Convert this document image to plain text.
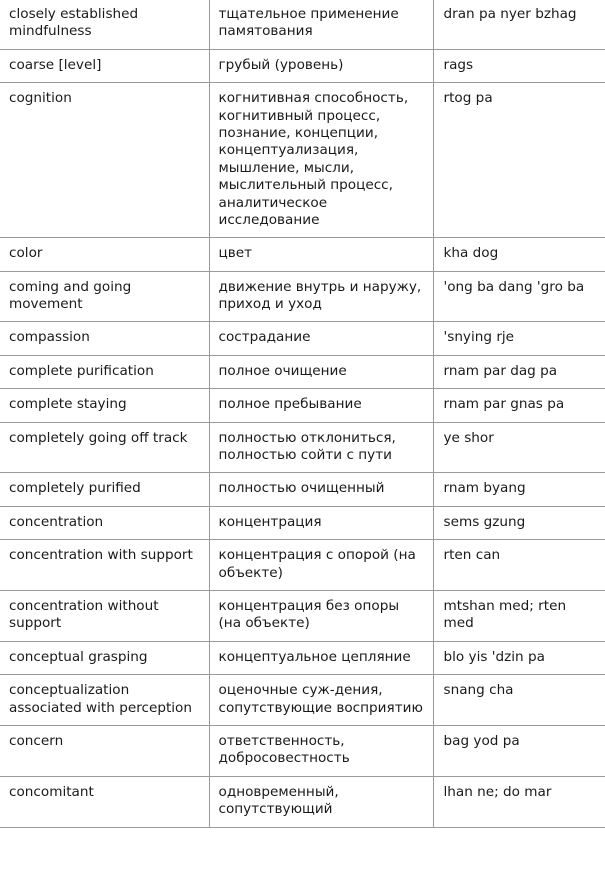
closely established mindfulness	тщательное применение памятования	dran pa nyer bzhag
coarse [level]	грубый (уровень)	rags
cognition	когнитивная способность, когнитивный процесс, познание, концепции, концептуализация, мышление, мысли, мыслительный процесс, аналитическое исследование	rtog pa
color	цвет	kha dog
coming and going movement	движение внутрь и наружу, приход и уход	'ong ba dang 'gro ba
compassion	сострадание	'snying rje
complete purification	полное очищение	rnam par dag pa
complete staying	полное пребывание	rnam par gnas pa
completely going off track	полностью отклониться, полностью сойти с пути	ye shor
completely purified	полностью очищенный	rnam byang
concentration	концентрация	sems gzung
concentration with support	концентрация с опорой (на объекте)	rten can
concentration without support	концентрация без опоры (на объекте)	mtshan med; rten med
conceptual grasping	концептуальное цепляние	blo yis 'dzin pa
conceptualization associated with perception	оценочные суж-дения, сопутствующие восприятию	snang cha
concern	ответственность, добросовестность	bag yod pa
concomitant	одновременный, сопутствующий	lhan ne; do mar
